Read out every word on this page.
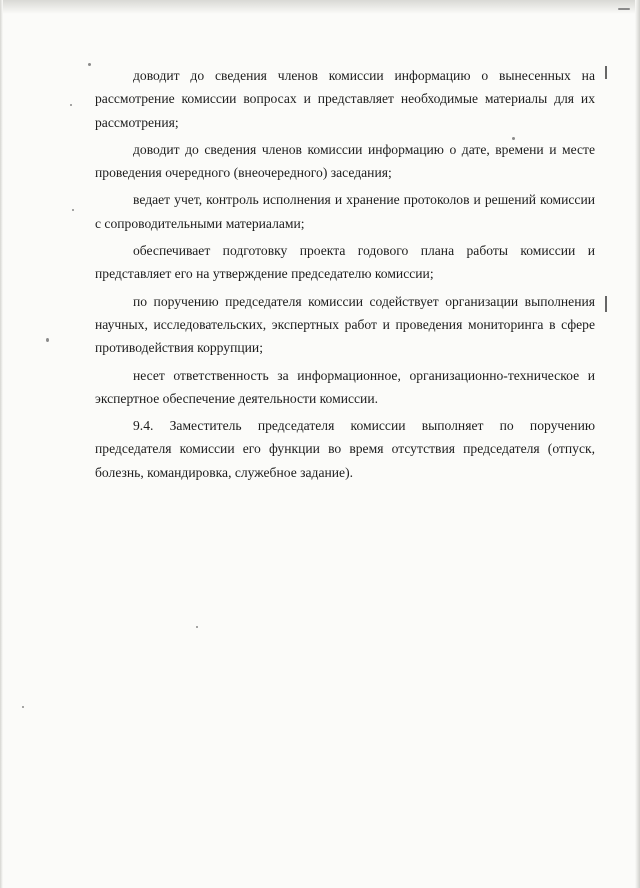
доводит до сведения членов комиссии информацию о вынесенных на рассмотрение комиссии вопросах и представляет необходимые материалы для их рассмотрения;

доводит до сведения членов комиссии информацию о дате, времени и месте проведения очередного (внеочередного) заседания;

ведает учет, контроль исполнения и хранение протоколов и решений комиссии с сопроводительными материалами;

обеспечивает подготовку проекта годового плана работы комиссии и представляет его на утверждение председателю комиссии;

по поручению председателя комиссии содействует организации выполнения научных, исследовательских, экспертных работ и проведения мониторинга в сфере противодействия коррупции;

несет ответственность за информационное, организационно-техническое и экспертное обеспечение деятельности комиссии.

9.4. Заместитель председателя комиссии выполняет по поручению председателя комиссии его функции во время отсутствия председателя (отпуск, болезнь, командировка, служебное задание).
